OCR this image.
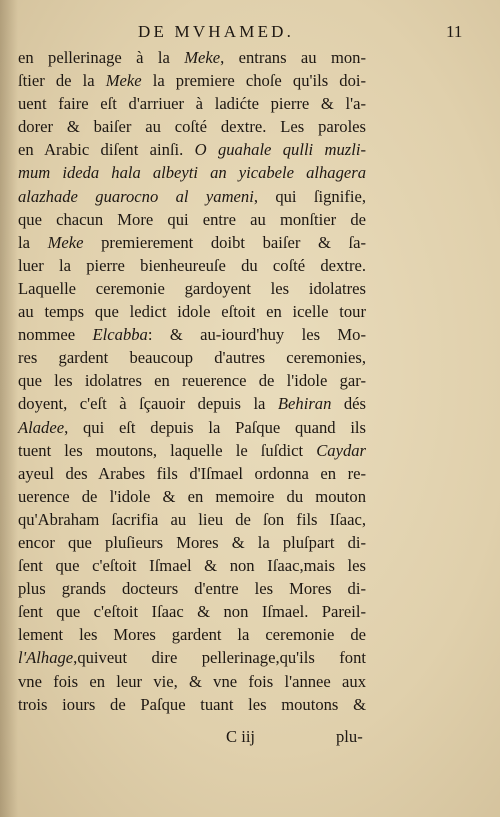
DE MVHAMED.	11
en pellerinage à la Meke, entrans au mon-
ſtier de la Meke la premiere choſe qu'ils doi-
uent faire eſt d'arriuer à ladićte pierre & l'a-
dorer & baiſer au coſté dextre. Les paroles
en Arabic diſent ainſi. O guahale qulli muzli-
mum ideda hala albeyti an yicabele alhagera
alazhade guarocno al yameni, qui ſignifie,
que chacun More qui entre au monſtier de
la Meke premierement doibt baiſer & ſa-
luer la pierre bienheureuſe du coſté dextre.
Laquelle ceremonie gardoyent les idolatres
au temps que ledict idole eſtoit en icelle tour
nommee Elcabba: & au-iourd'huy les Mo-
res gardent beaucoup d'autres ceremonies,
que les idolatres en reuerence de l'idole gar-
doyent, c'eſt à ſçauoir depuis la Behiran dés
Aladee, qui eſt depuis la Paſque quand ils
tuent les moutons, laquelle le ſuſdict Caydar
ayeul des Arabes fils d'Iſmael ordonna en re-
uerence de l'idole & en memoire du mouton
qu'Abraham ſacrifia au lieu de ſon fils Iſaac,
encor que pluſieurs Mores & la pluſpart di-
ſent que c'eſtoit Iſmael & non Iſaac,mais les
plus grands docteurs d'entre les Mores di-
ſent que c'eſtoit Iſaac & non Iſmael. Pareil-
lement les Mores gardent la ceremonie de
l'Alhage,quiveut dire pellerinage,qu'ils font
vne fois en leur vie, & vne fois l'annee aux
trois iours de Paſque tuant les moutons &
C iij	plu-
